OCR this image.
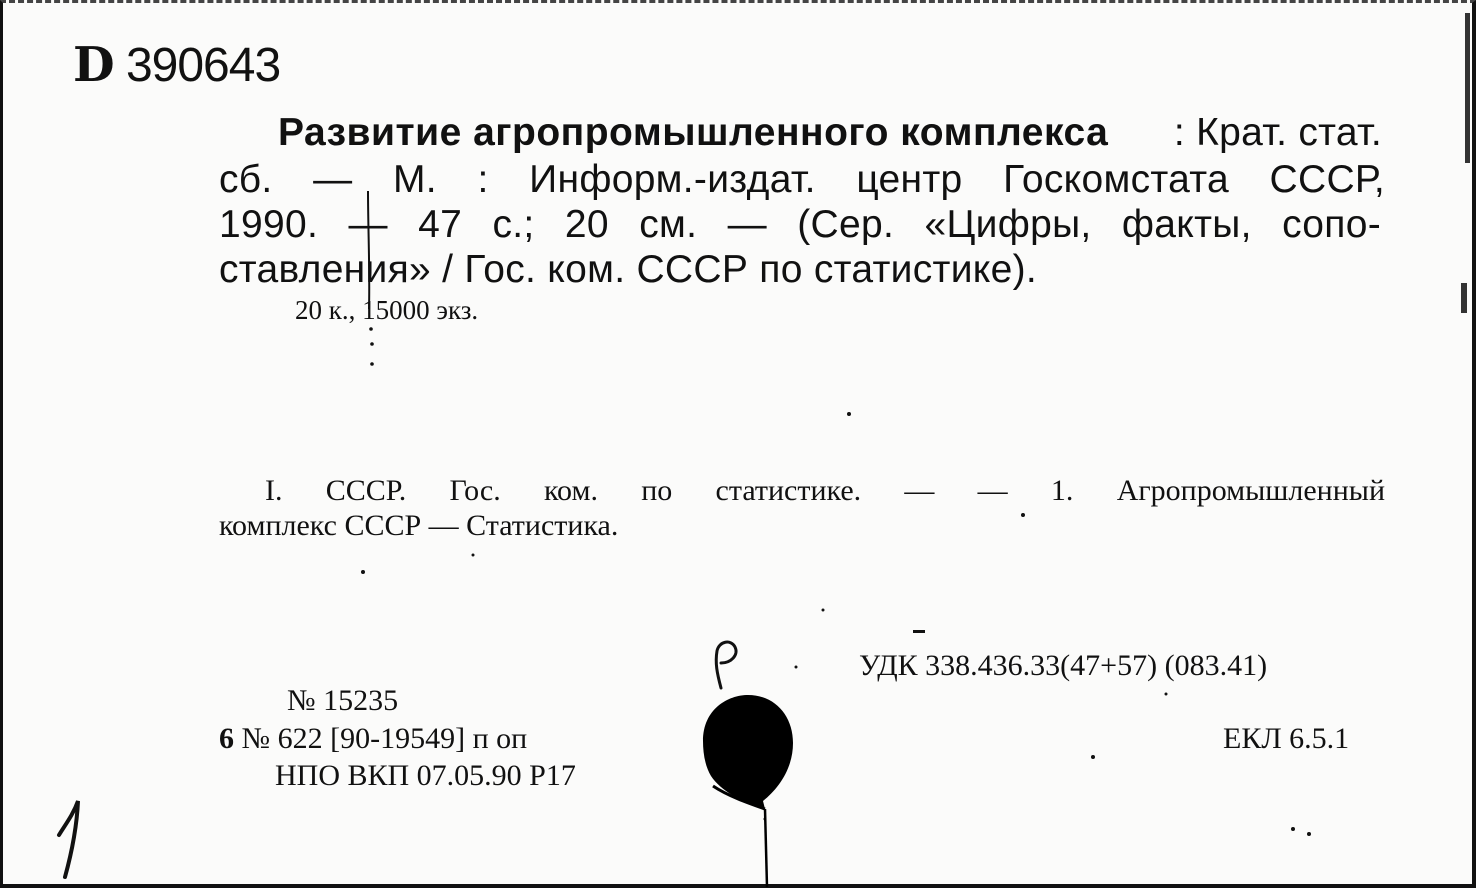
D 390643
Развитие агропромышленного комплекса : Крат. стат.
сб. — М. : Информ.-издат. центр Госкомстата СССР,
1990. — 47 с.; 20 см. — (Сер. «Цифры, факты, сопо-
ставления» / Гос. ком. СССР по статистике).
20 к., 15000 экз.
I. СССР. Гос. ком. по статистике. — — 1. Агропромышленный
комплекс СССР — Статистика.
УДК 338.436.33(47+57) (083.41)
ЕКЛ 6.5.1
№ 15235
6 № 622 [90-19549] п оп
НПО ВКП 07.05.90 Р17
